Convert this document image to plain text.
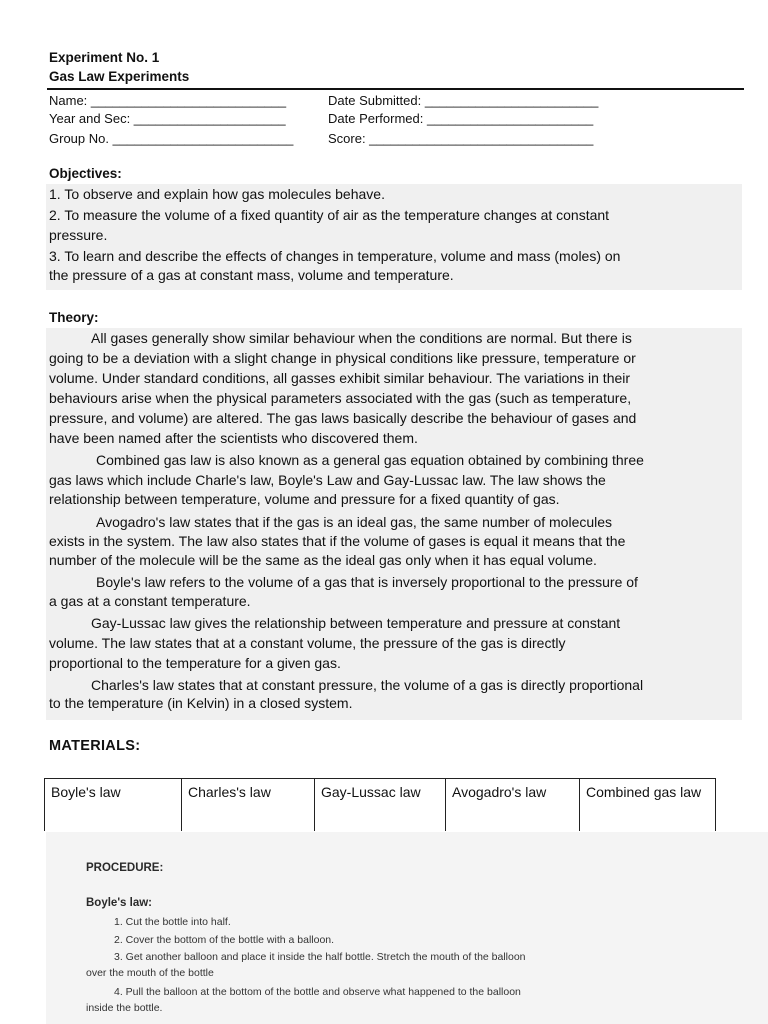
Experiment No. 1
Gas Law Experiments
Name: ___________________________	Date Submitted: ________________________
Year and Sec: _____________________	Date Performed: _______________________
Group No. _________________________	Score: _______________________________
Objectives:
1. To observe and explain how gas molecules behave.
2. To measure the volume of a fixed quantity of air as the temperature changes at constant
pressure.
3. To learn and describe the effects of changes in temperature, volume and mass (moles) on
the pressure of a gas at constant mass, volume and temperature.
Theory:
All gases generally show similar behaviour when the conditions are normal. But there is
going to be a deviation with a slight change in physical conditions like pressure, temperature or
volume. Under standard conditions, all gasses exhibit similar behaviour. The variations in their
behaviours arise when the physical parameters associated with the gas (such as temperature,
pressure, and volume) are altered. The gas laws basically describe the behaviour of gases and
have been named after the scientists who discovered them.
Combined gas law is also known as a general gas equation obtained by combining three
gas laws which include Charle's law, Boyle's Law and Gay-Lussac law. The law shows the
relationship between temperature, volume and pressure for a fixed quantity of gas.
Avogadro's law states that if the gas is an ideal gas, the same number of molecules
exists in the system. The law also states that if the volume of gases is equal it means that the
number of the molecule will be the same as the ideal gas only when it has equal volume.
Boyle's law refers to the volume of a gas that is inversely proportional to the pressure of
a gas at a constant temperature.
Gay-Lussac law gives the relationship between temperature and pressure at constant
volume. The law states that at a constant volume, the pressure of the gas is directly
proportional to the temperature for a given gas.
Charles's law states that at constant pressure, the volume of a gas is directly proportional
to the temperature (in Kelvin) in a closed system.
MATERIALS:
Boyle's law	Charles's law	Gay-Lussac law	Avogadro's law	Combined gas law
PROCEDURE:
Boyle's law:
1. Cut the bottle into half.
2. Cover the bottom of the bottle with a balloon.
3. Get another balloon and place it inside the half bottle. Stretch the mouth of the balloon
over the mouth of the bottle
4. Pull the balloon at the bottom of the bottle and observe what happened to the balloon
inside the bottle.
